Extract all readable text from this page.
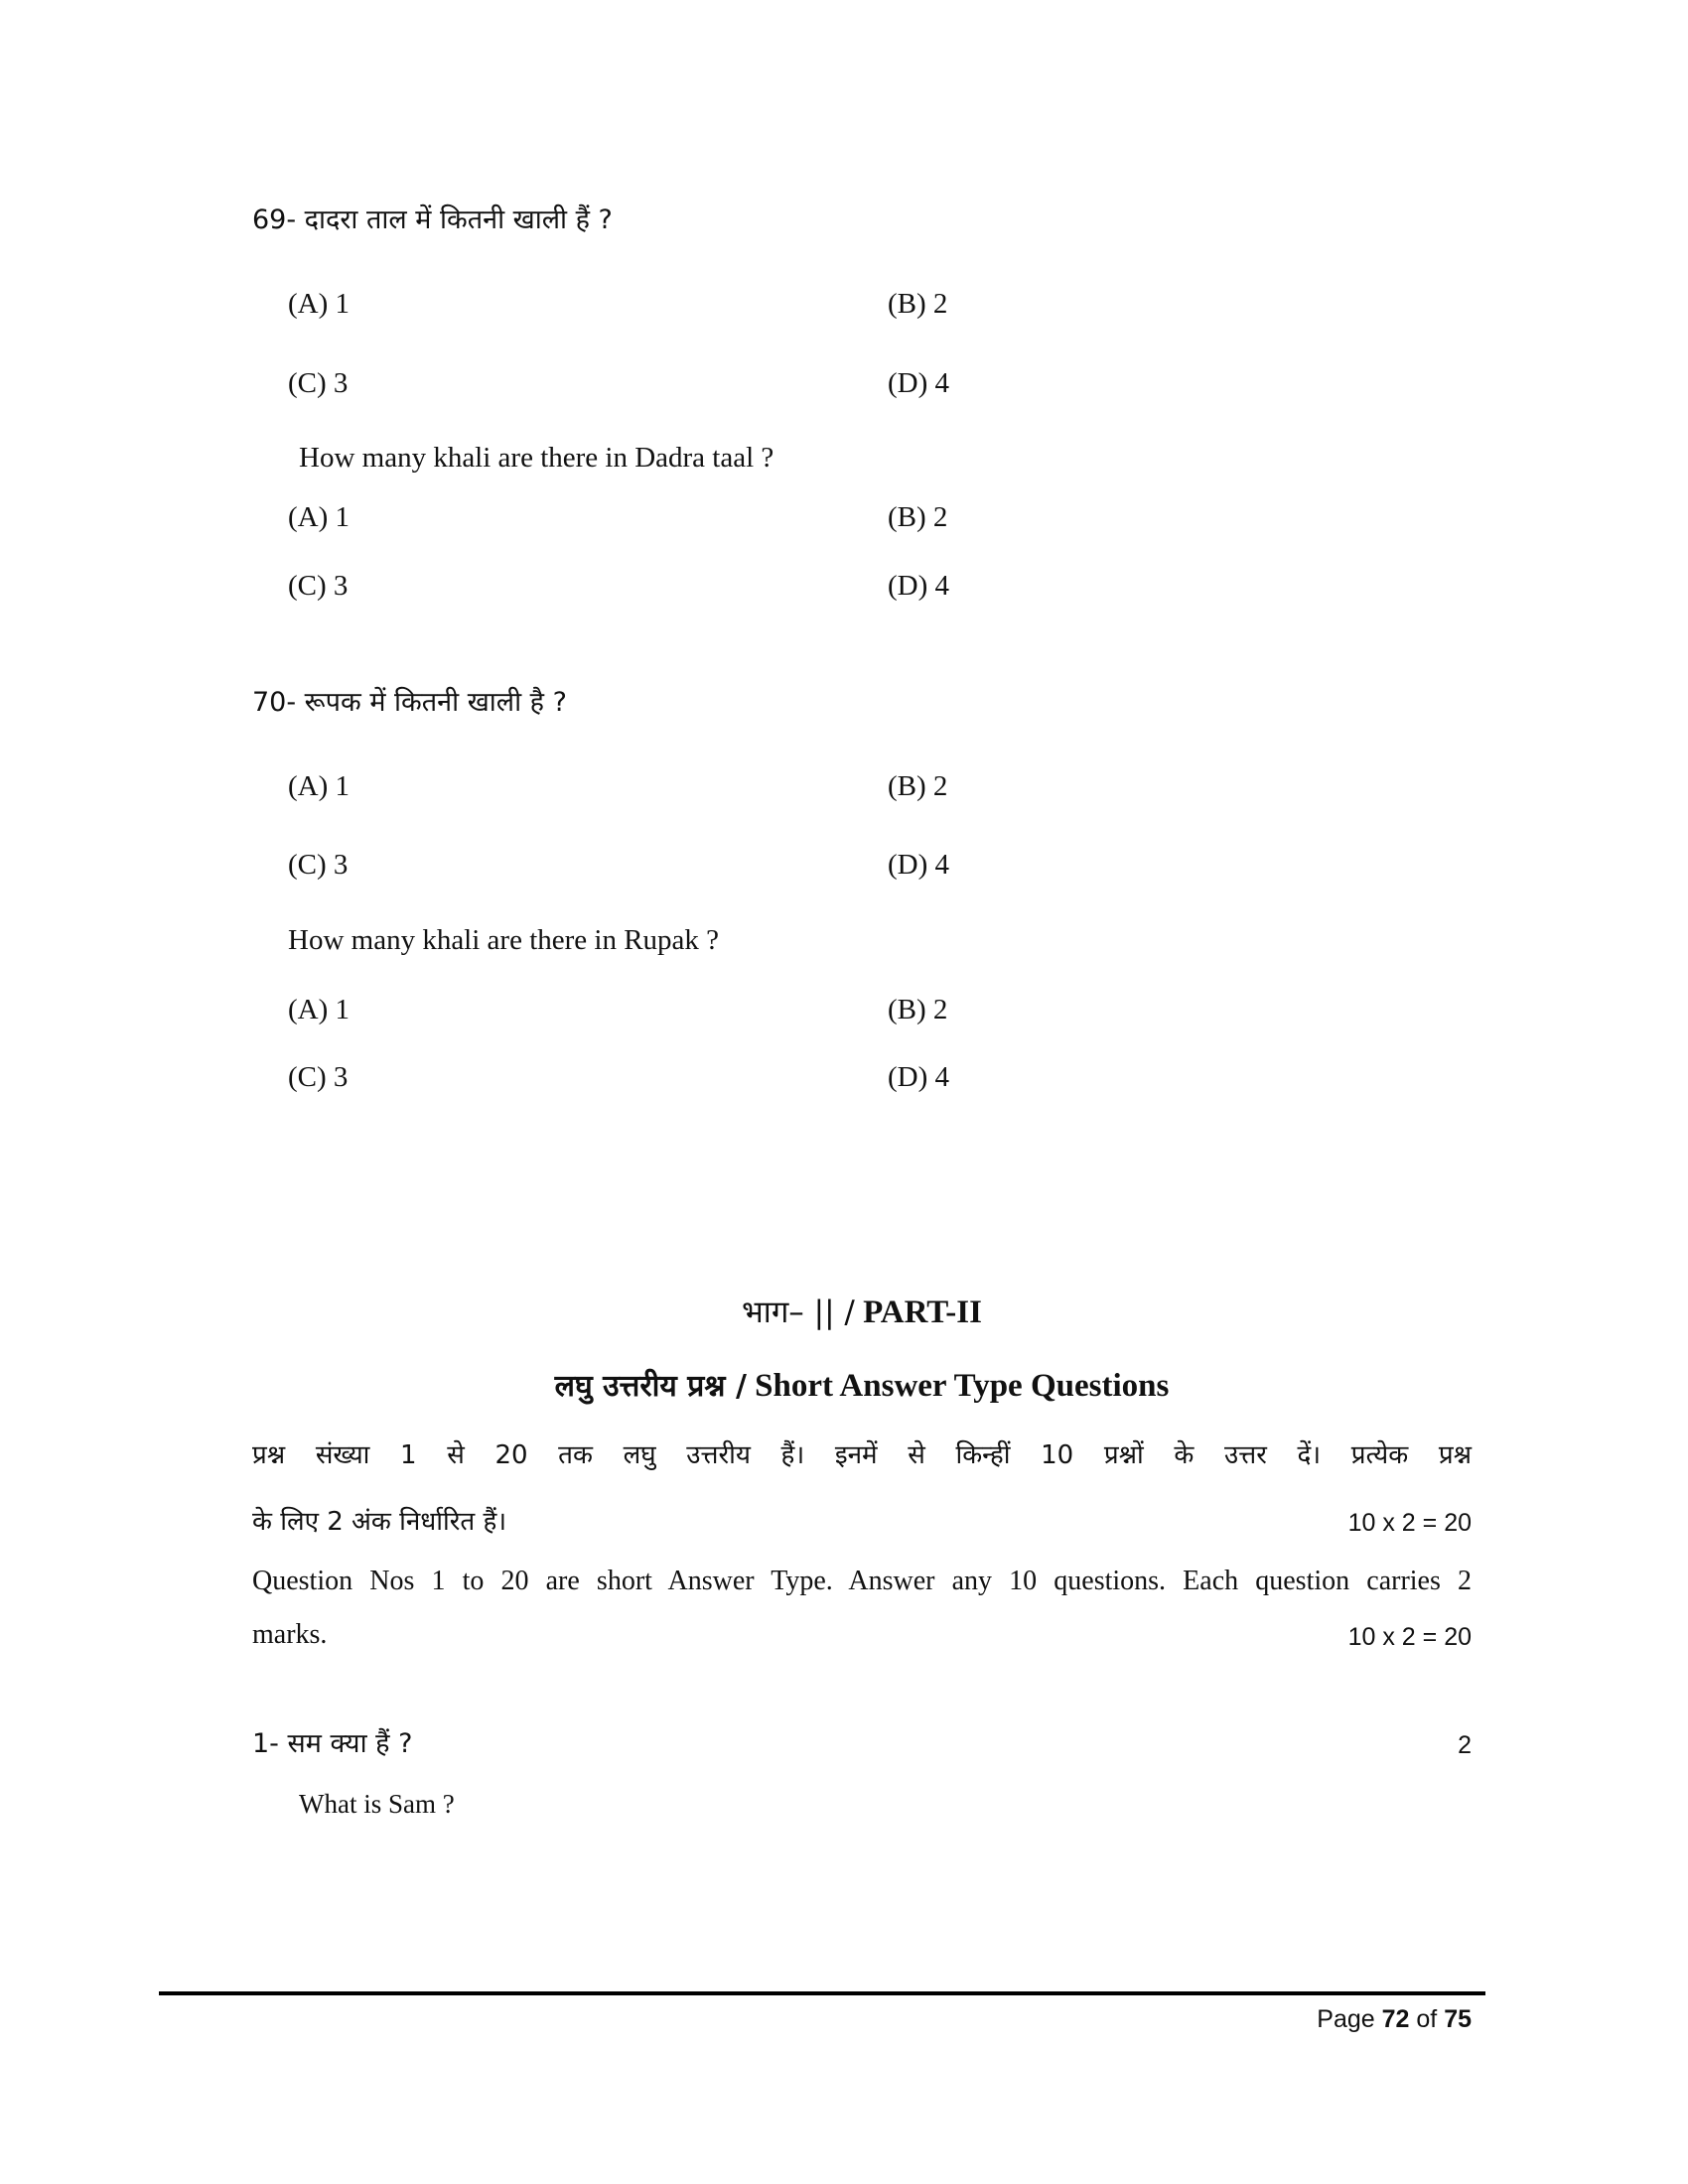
69- दादरा ताल में कितनी खाली हैं ?
(A) 1	(B) 2
(C) 3	(D) 4
How many khali are there in Dadra taal ?
(A) 1	(B) 2
(C) 3	(D) 4
70- रूपक में कितनी खाली है ?
(A) 1	(B) 2
(C) 3	(D) 4
How many khali are there in Rupak ?
(A) 1	(B) 2
(C) 3	(D) 4
भाग– || / PART-II
लघु उत्तरीय प्रश्न / Short Answer Type Questions
प्रश्न संख्या 1 से 20 तक लघु उत्तरीय हैं। इनमें से किन्हीं 10 प्रश्नों के उत्तर दें। प्रत्येक प्रश्न
के लिए 2 अंक निर्धारित हैं।	10 x 2 = 20
Question Nos 1 to 20 are short Answer Type. Answer any 10 questions. Each question carries 2
marks.	10 x 2 = 20
1- सम क्या हैं ?	2
What is Sam ?
Page 72 of 75
